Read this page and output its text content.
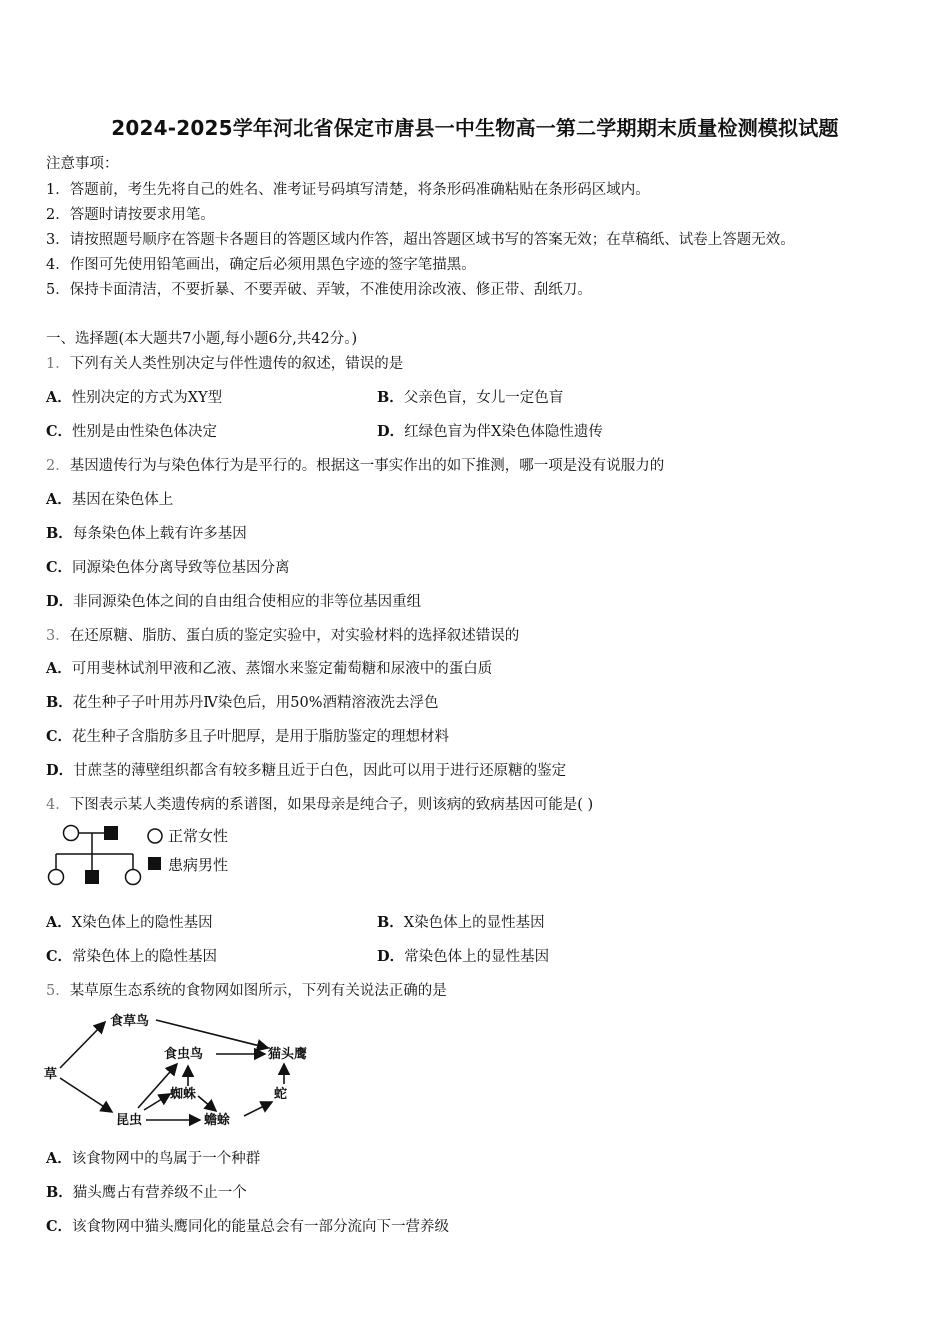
2024-2025学年河北省保定市唐县一中生物高一第二学期期末质量检测模拟试题
注意事项：
1．答题前，考生先将自己的姓名、准考证号码填写清楚，将条形码准确粘贴在条形码区域内。
2．答题时请按要求用笔。
3．请按照题号顺序在答题卡各题目的答题区域内作答，超出答题区域书写的答案无效；在草稿纸、试卷上答题无效。
4．作图可先使用铅笔画出，确定后必须用黑色字迹的签字笔描黑。
5．保持卡面清洁，不要折暴、不要弄破、弄皱，不准使用涂改液、修正带、刮纸刀。
一、选择题(本大题共7小题,每小题6分,共42分。)
1．下列有关人类性别决定与伴性遗传的叙述，错误的是
A．性别决定的方式为XY型	B．父亲色盲，女儿一定色盲
C．性别是由性染色体决定	D．红绿色盲为伴X染色体隐性遗传
2．基因遗传行为与染色体行为是平行的。根据这一事实作出的如下推测，哪一项是没有说服力的
A．基因在染色体上
B．每条染色体上载有许多基因
C．同源染色体分离导致等位基因分离
D．非同源染色体之间的自由组合使相应的非等位基因重组
3．在还原糖、脂肪、蛋白质的鉴定实验中，对实验材料的选择叙述错误的
A．可用斐林试剂甲液和乙液、蒸馏水来鉴定葡萄糖和尿液中的蛋白质
B．花生种子子叶用苏丹Ⅳ染色后，用50%酒精溶液洗去浮色
C．花生种子含脂肪多且子叶肥厚，是用于脂肪鉴定的理想材料
D．甘蔗茎的薄壁组织都含有较多糖且近于白色，因此可以用于进行还原糖的鉴定
4．下图表示某人类遗传病的系谱图，如果母亲是纯合子，则该病的致病基因可能是( )
正常女性
患病男性
A．X染色体上的隐性基因	B．X染色体上的显性基因
C．常染色体上的隐性基因	D．常染色体上的显性基因
5．某草原生态系统的食物网如图所示，下列有关说法正确的是
草
食草鸟
食虫鸟	猫头鹰
蜘蛛
昆虫	蟾蜍
蛇
A．该食物网中的鸟属于一个种群
B．猫头鹰占有营养级不止一个
C．该食物网中猫头鹰同化的能量总会有一部分流向下一营养级
